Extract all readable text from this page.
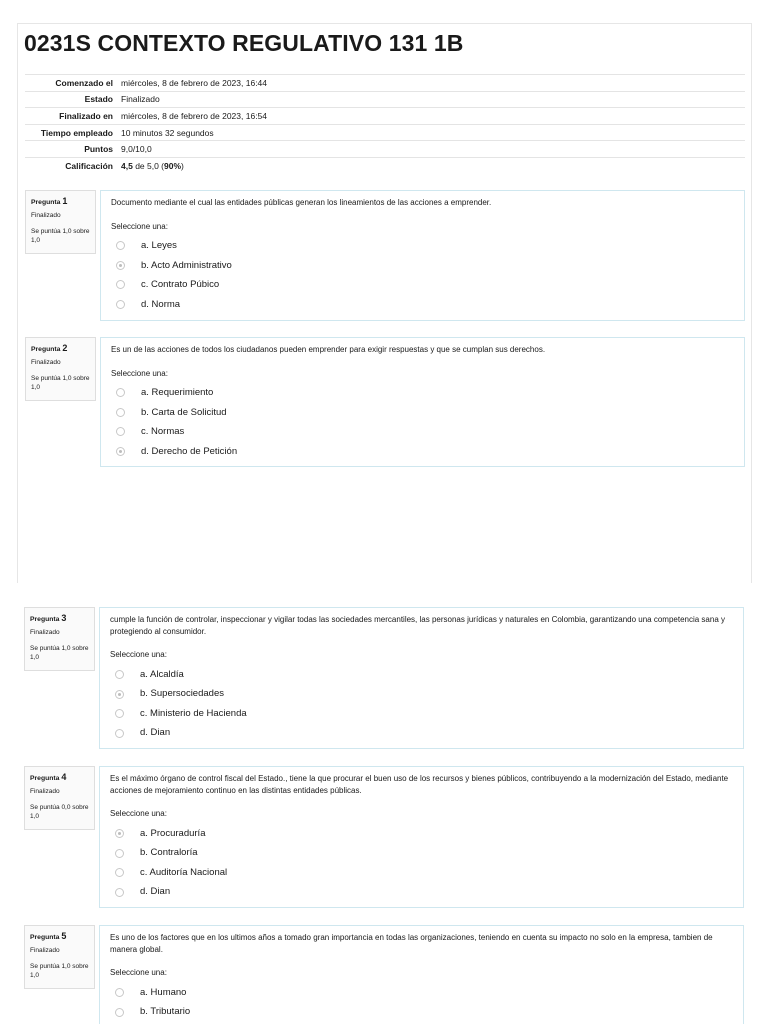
0231S CONTEXTO REGULATIVO 131 1B
Comenzado el	miércoles, 8 de febrero de 2023, 16:44
Estado	Finalizado
Finalizado en	miércoles, 8 de febrero de 2023, 16:54
Tiempo empleado	10 minutos 32 segundos
Puntos	9,0/10,0
Calificación	4,5 de 5,0 (90%)
Pregunta 1
Finalizado
Se puntúa 1,0 sobre 1,0
Documento mediante el cual las entidades públicas generan los lineamientos de las acciones a emprender.
Seleccione una:
a. Leyes
b. Acto Administrativo
c. Contrato Púbico
d. Norma
Pregunta 2
Finalizado
Se puntúa 1,0 sobre 1,0
Es un de las acciones de todos los ciudadanos pueden emprender para exigir respuestas y que se cumplan sus derechos.
Seleccione una:
a. Requerimiento
b. Carta de Solicitud
c. Normas
d. Derecho de Petición
Pregunta 3
Finalizado
Se puntúa 1,0 sobre 1,0
cumple la función de controlar, inspeccionar y vigilar todas las sociedades mercantiles, las personas jurídicas y naturales en Colombia, garantizando una competencia sana y protegiendo al consumidor.
Seleccione una:
a. Alcaldía
b. Supersociedades
c. Ministerio de Hacienda
d. Dian
Pregunta 4
Finalizado
Se puntúa 0,0 sobre 1,0
Es el máximo órgano de control fiscal del Estado., tiene la que procurar el buen uso de los recursos y bienes públicos, contribuyendo a la modernización del Estado, mediante acciones de mejoramiento continuo en las distintas entidades públicas.
Seleccione una:
a. Procuraduría
b. Contraloría
c. Auditoría Nacional
d. Dian
Pregunta 5
Finalizado
Se puntúa 1,0 sobre 1,0
Es uno de los factores que en los ultimos años a tomado gran importancia en todas las organizaciones, teniendo en cuenta su impacto no solo en la empresa, tambien de manera global.
Seleccione una:
a. Humano
b. Tributario
